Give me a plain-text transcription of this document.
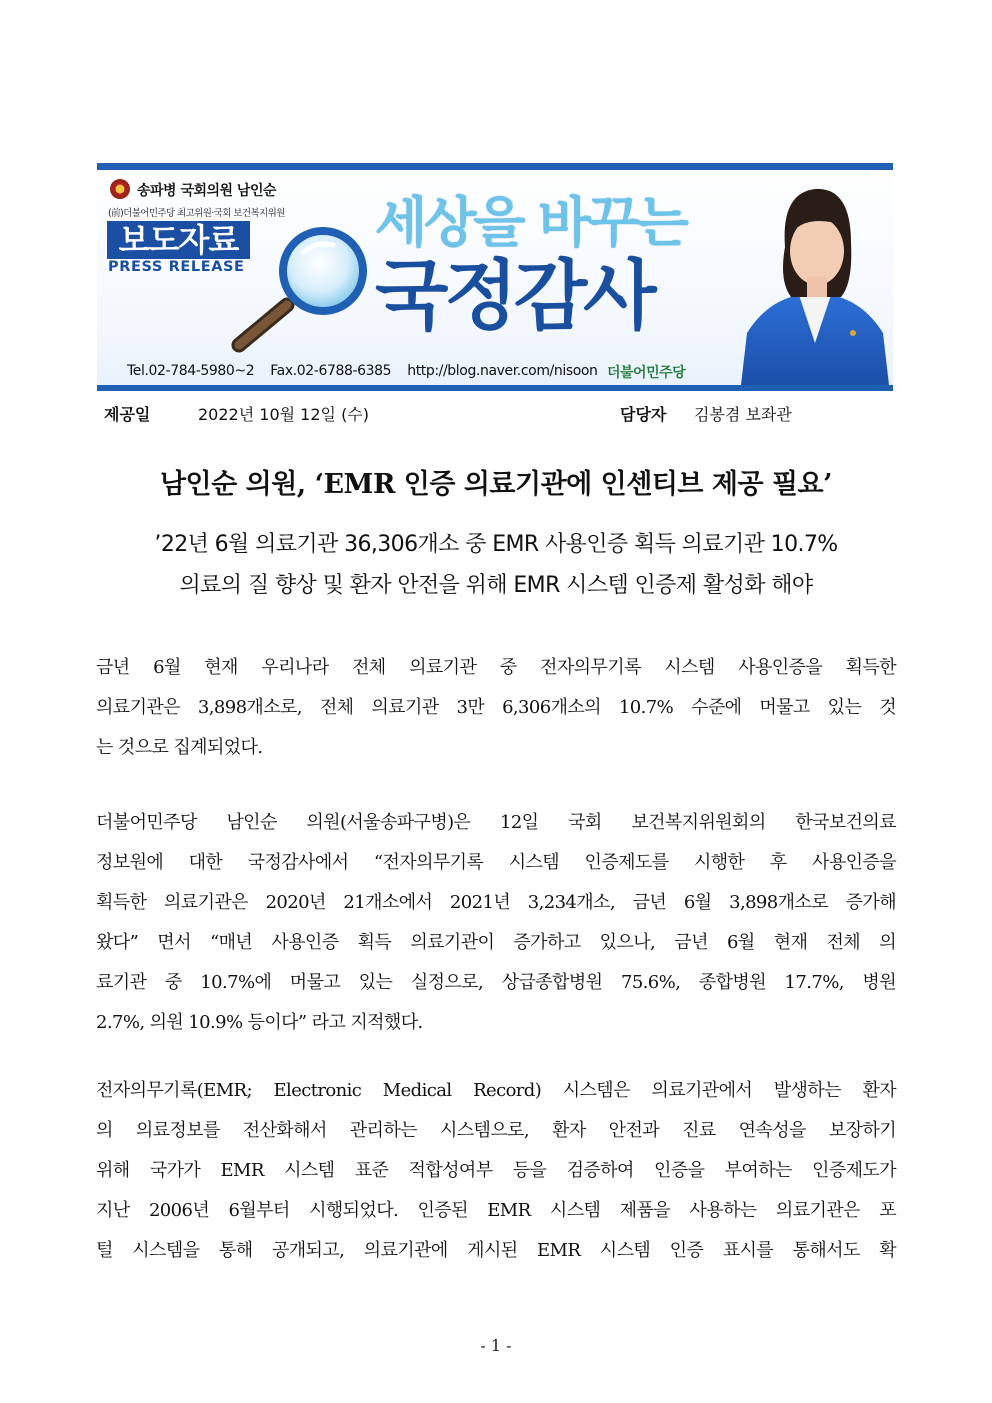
송파병 국회의원 남인순
(前)더불어민주당 최고위원·국회 보건복지위원
보도자료
PRESS RELEASE
세상을 바꾸는
국정감사
Tel.02-784-5980~2 Fax.02-6788-6385 http://blog.naver.com/nisoon 더불어민주당
제공일	2022년 10월 12일 (수)	담당자 김봉겸 보좌관
남인순 의원, ‘EMR 인증 의료기관에 인센티브 제공 필요’
’22년 6월 의료기관 36,306개소 중 EMR 사용인증 획득 의료기관 10.7%
의료의 질 향상 및 환자 안전을 위해 EMR 시스템 인증제 활성화 해야
금년 6월 현재 우리나라 전체 의료기관 중 전자의무기록 시스템 사용인증을 획득한
의료기관은 3,898개소로, 전체 의료기관 3만 6,306개소의 10.7% 수준에 머물고 있는 것
는 것으로 집계되었다.
더불어민주당 남인순 의원(서울송파구병)은 12일 국회 보건복지위원회의 한국보건의료
정보원에 대한 국정감사에서 “전자의무기록 시스템 인증제도를 시행한 후 사용인증을
획득한 의료기관은 2020년 21개소에서 2021년 3,234개소, 금년 6월 3,898개소로 증가해
왔다” 면서 “매년 사용인증 획득 의료기관이 증가하고 있으나, 금년 6월 현재 전체 의
료기관 중 10.7%에 머물고 있는 실정으로, 상급종합병원 75.6%, 종합병원 17.7%, 병원
2.7%, 의원 10.9% 등이다” 라고 지적했다.
전자의무기록(EMR; Electronic Medical Record) 시스템은 의료기관에서 발생하는 환자
의 의료정보를 전산화해서 관리하는 시스템으로, 환자 안전과 진료 연속성을 보장하기
위해 국가가 EMR 시스템 표준 적합성여부 등을 검증하여 인증을 부여하는 인증제도가
지난 2006년 6월부터 시행되었다. 인증된 EMR 시스템 제품을 사용하는 의료기관은 포
털 시스템을 통해 공개되고, 의료기관에 게시된 EMR 시스템 인증 표시를 통해서도 확
- 1 -
